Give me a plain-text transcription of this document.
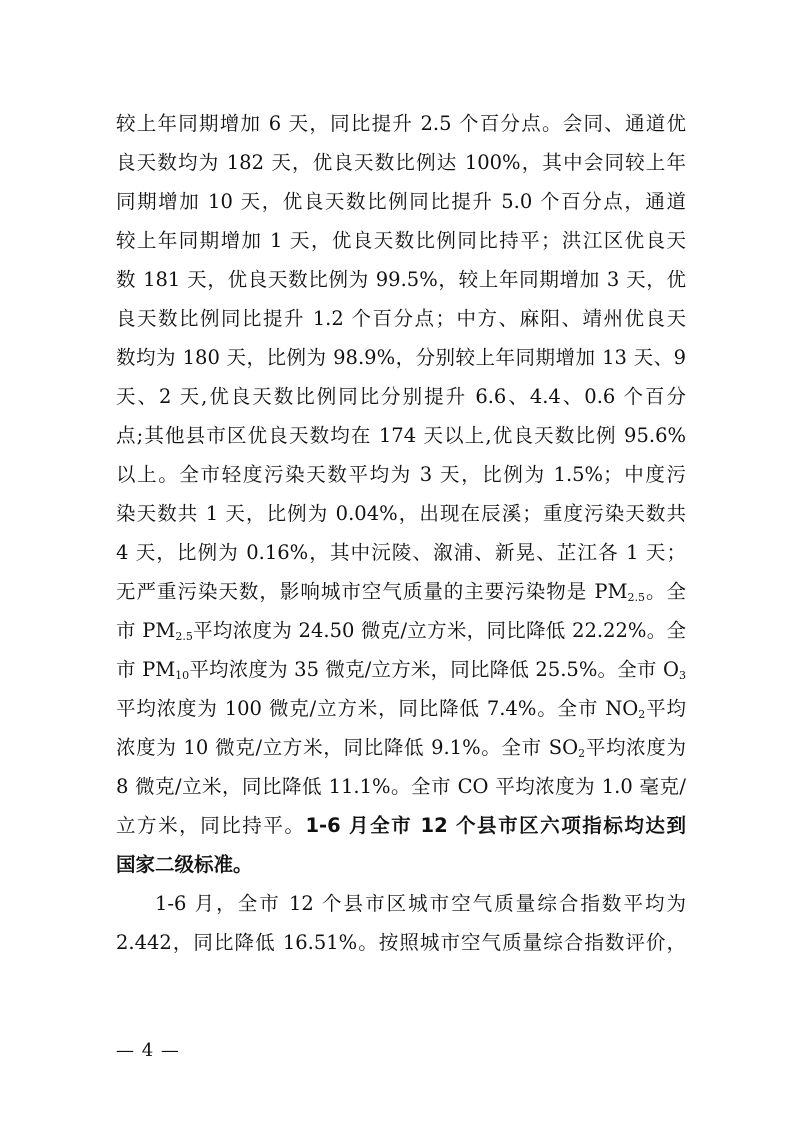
较上年同期增加 6 天，同比提升 2.5 个百分点。会同、通道优
良天数均为 182 天，优良天数比例达 100%，其中会同较上年
同期增加 10 天，优良天数比例同比提升 5.0 个百分点，通道
较上年同期增加 1 天，优良天数比例同比持平；洪江区优良天
数 181 天，优良天数比例为 99.5%，较上年同期增加 3 天，优
良天数比例同比提升 1.2 个百分点；中方、麻阳、靖州优良天
数均为 180 天，比例为 98.9%，分别较上年同期增加 13 天、9
天、2 天,优良天数比例同比分别提升 6.6、4.4、0.6 个百分
点;其他县市区优良天数均在 174 天以上,优良天数比例 95.6%
以上。全市轻度污染天数平均为 3 天，比例为 1.5%；中度污
染天数共 1 天，比例为 0.04%，出现在辰溪；重度污染天数共
4 天，比例为 0.16%，其中沅陵、溆浦、新晃、芷江各 1 天；
无严重污染天数，影响城市空气质量的主要污染物是 $PM_{2.5}$。全
市 $PM_{2.5}$平均浓度为 24.50 微克/立方米，同比降低 22.22%。全
市 $PM_{10}$平均浓度为 35 微克/立方米，同比降低 25.5%。全市 $O_3$
平均浓度为 100 微克/立方米，同比降低 7.4%。全市 $NO_2$平均
浓度为 10 微克/立方米，同比降低 9.1%。全市 $SO_2$平均浓度为
8 微克/立米，同比降低 11.1%。全市 CO 平均浓度为 1.0 毫克/
立方米，同比持平。1-6 月全市 12 个县市区六项指标均达到
国家二级标准。
1-6 月，全市 12 个县市区城市空气质量综合指数平均为
2.442，同比降低 16.51%。按照城市空气质量综合指数评价，
— 4 —
